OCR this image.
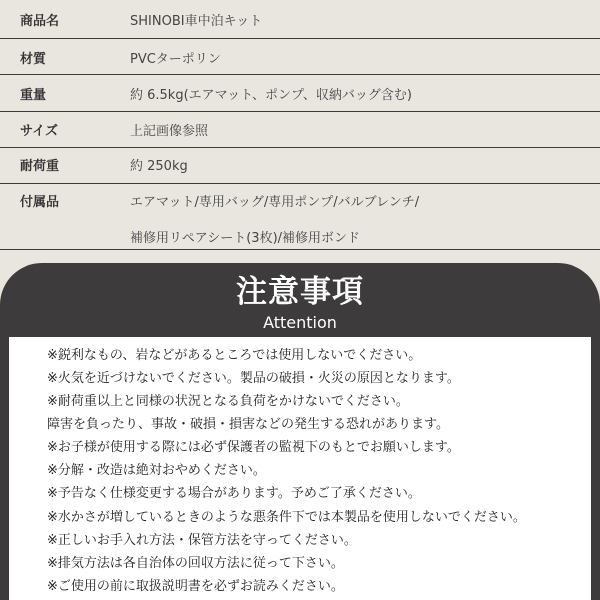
商品名	SHINOBI車中泊キット
材質	PVCターポリン
重量	約 6.5kg(エアマット、ポンプ、収納バッグ含む)
サイズ	上記画像参照
耐荷重	約 250kg
付属品	エアマット/専用バッグ/専用ポンプ/バルブレンチ/
補修用リペアシート(3枚)/補修用ボンド
注意事項
Attention
※鋭利なもの、岩などがあるところでは使用しないでください。
※火気を近づけないでください。製品の破損・火災の原因となります。
※耐荷重以上と同様の状況となる負荷をかけないでください。
障害を負ったり、事故・破損・損害などの発生する恐れがあります。
※お子様が使用する際には必ず保護者の監視下のもとでお願いします。
※分解・改造は絶対おやめください。
※予告なく仕様変更する場合があります。予めご了承ください。
※水かさが増しているときのような悪条件下では本製品を使用しないでください。
※正しいお手入れ方法・保管方法を守ってください。
※排気方法は各自治体の回収方法に従って下さい。
※ご使用の前に取扱説明書を必ずお読みください。
